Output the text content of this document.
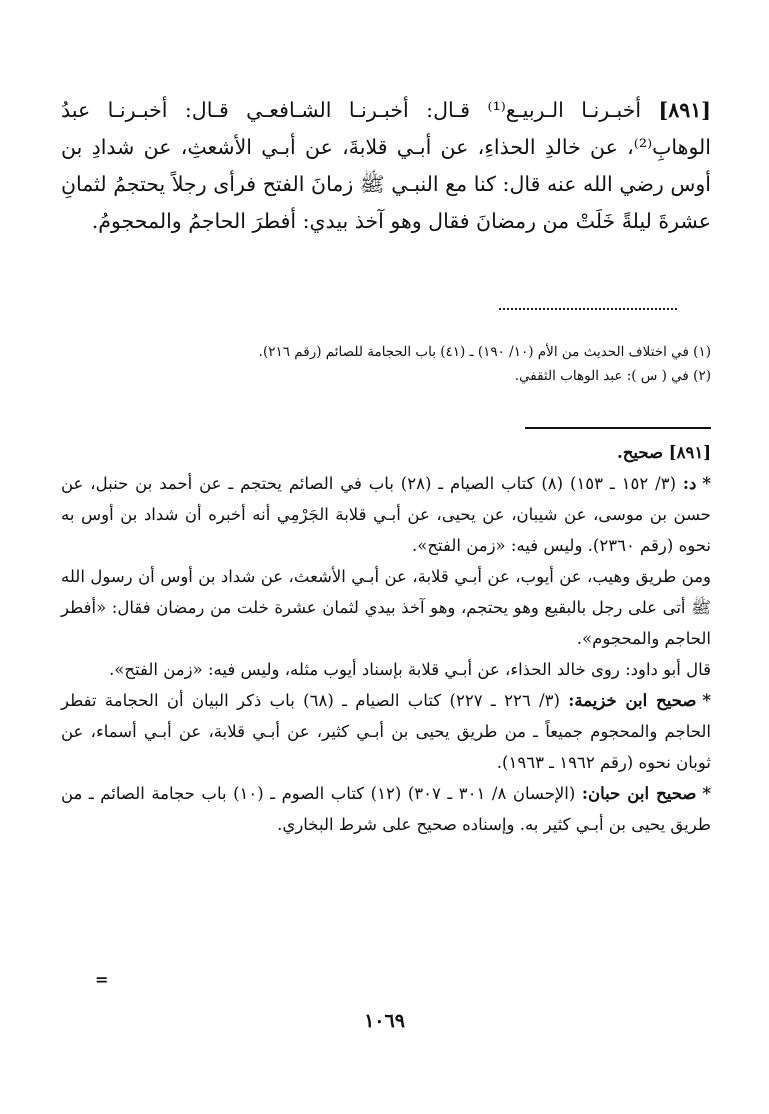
[٨٩١] أخبـرنـا الـربيـع⁽¹⁾ قـال: أخبـرنـا الشـافعـي قـال: أخبـرنـا عبدُ الوهابِ⁽²⁾، عن خالدِ الحذاءِ، عن أبـي قلابةَ، عن أبـي الأشعثِ، عن شدادِ بن أوس رضي الله عنه قال: كنا مع النبـي ﷺ زمانَ الفتح فرأى رجلاً يحتجمُ لثمانِ عشرةَ ليلةً خَلَتْ من رمضانَ فقال وهو آخذ بيدي: أفطرَ الحاجمُ والمحجومُ.

(١) في اختلاف الحديث من الأم (١٠/ ١٩٠) ـ (٤١) باب الحجامة للصائم (رقم ٢١٦).
(٢) في ( س ): عبد الوهاب الثقفي.

[٨٩١] صحيح.

*د: (٣/ ١٥٢ ـ ١٥٣) (٨) كتاب الصيام ـ (٢٨) باب في الصائم يحتجم ـ عن أحمد بن حنبل، عن حسن بن موسى، عن شيبان، عن يحيى، عن أبـي قلابة الجَرْمِي أنه أخبره أن شداد بن أوس به نحوه (رقم ٢٣٦٠). وليس فيه: «زمن الفتح».

ومن طريق وهيب، عن أيوب، عن أبـي قلابة، عن أبـي الأشعث، عن شداد بن أوس أن رسول الله ﷺ أتى على رجل بالبقيع وهو يحتجم، وهو آخذ بيدي لثمان عشرة خلت من رمضان فقال: «أفطر الحاجم والمحجوم».

قال أبو داود: روى خالد الحذاء، عن أبـي قلابة بإسناد أيوب مثله، وليس فيه: «زمن الفتح».

*صحيح ابن خزيمة: (٣/ ٢٢٦ ـ ٢٢٧) كتاب الصيام ـ (٦٨) باب ذكر البيان أن الحجامة تفطر الحاجم والمحجوم جميعاً ـ من طريق يحيى بن أبـي كثير، عن أبـي قلابة، عن أبـي أسماء، عن ثوبان نحوه (رقم ١٩٦٢ ـ ١٩٦٣).

*صحيح ابن حبان: (الإحسان ٨/ ٣٠١ ـ ٣٠٧) (١٢) كتاب الصوم ـ (١٠) باب حجامة الصائم ـ من طريق يحيى بن أبـي كثير به. وإسناده صحيح على شرط البخاري.

=
١٠٦٩
